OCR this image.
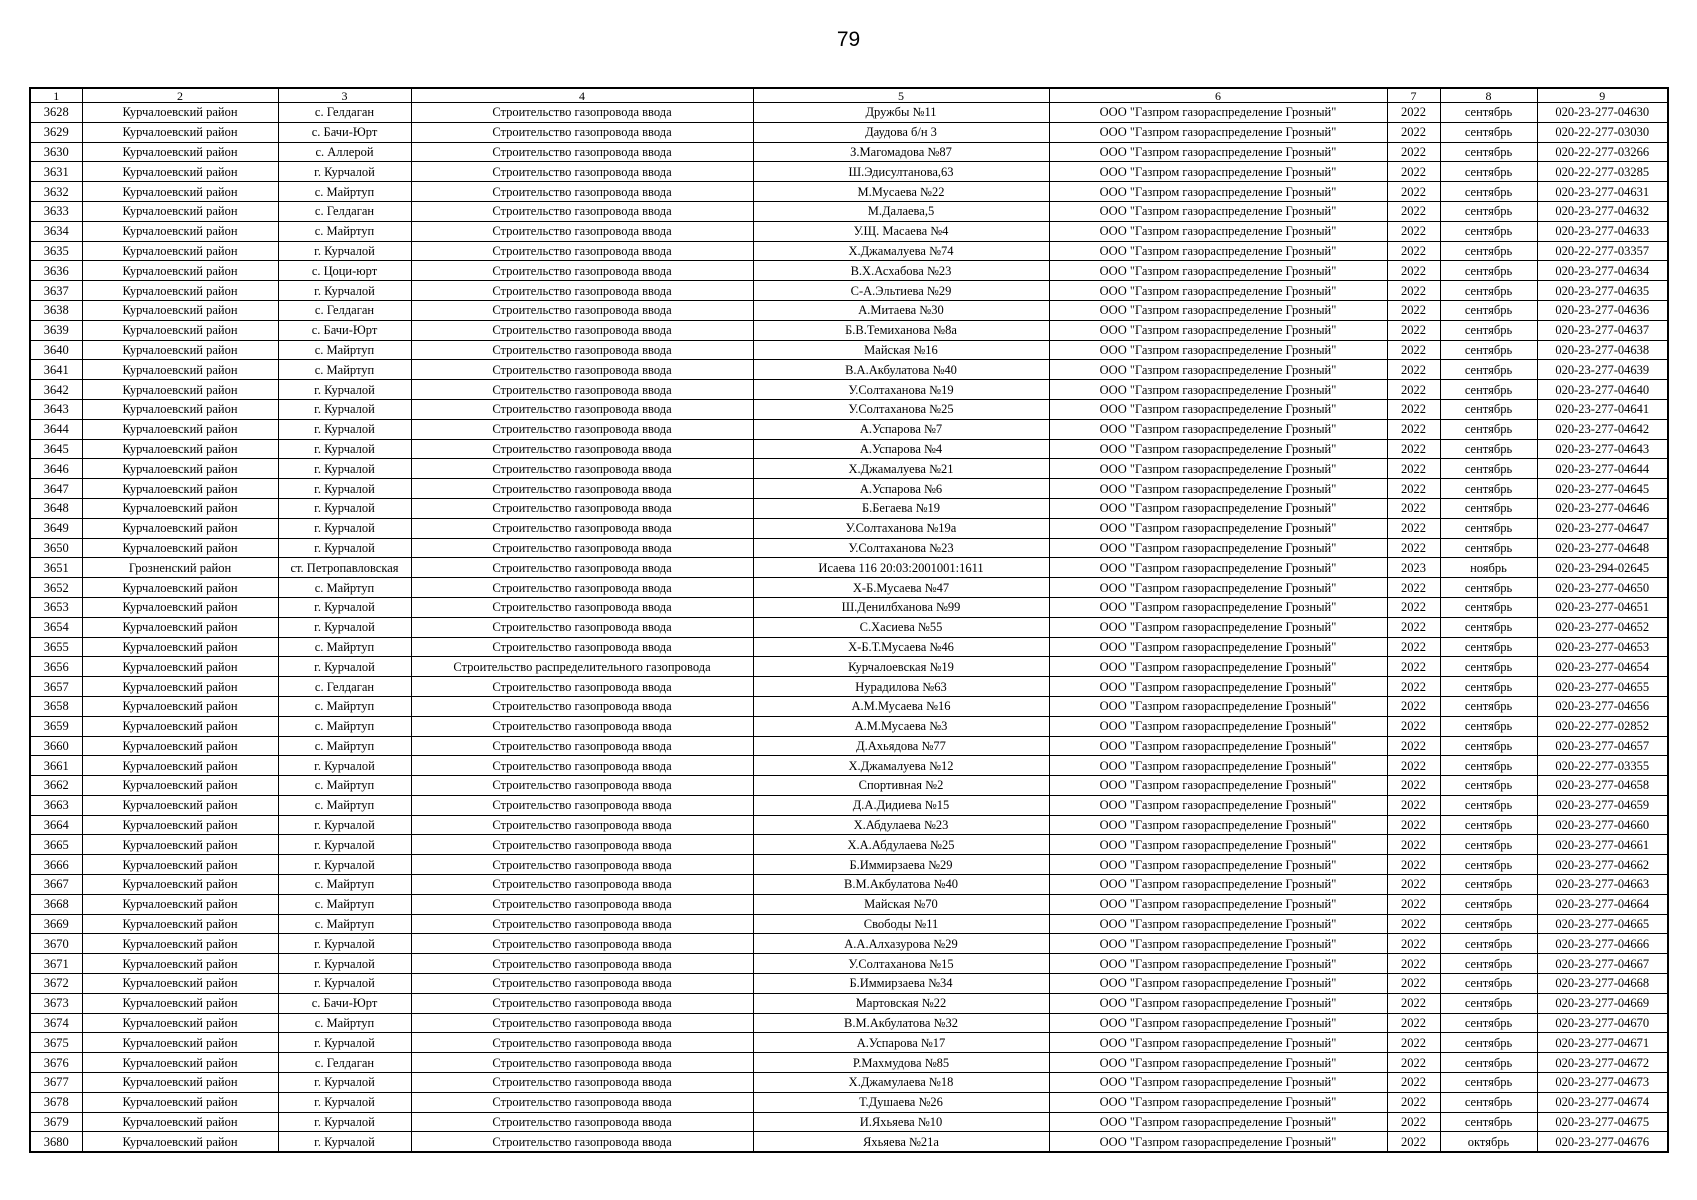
79
1	2	3	4	5	6	7	8	9
3628	Курчалоевский район	с. Гелдаган	Строительство газопровода ввода	Дружбы №11	ООО "Газпром газораспределение Грозный"	2022	сентябрь	020-23-277-04630
3629	Курчалоевский район	с. Бачи-Юрт	Строительство газопровода ввода	Даудова б/н 3	ООО "Газпром газораспределение Грозный"	2022	сентябрь	020-22-277-03030
3630	Курчалоевский район	с. Аллерой	Строительство газопровода ввода	З.Магомадова №87	ООО "Газпром газораспределение Грозный"	2022	сентябрь	020-22-277-03266
3631	Курчалоевский район	г. Курчалой	Строительство газопровода ввода	Ш.Эдисултанова,63	ООО "Газпром газораспределение Грозный"	2022	сентябрь	020-22-277-03285
3632	Курчалоевский район	с. Майртуп	Строительство газопровода ввода	М.Мусаева №22	ООО "Газпром газораспределение Грозный"	2022	сентябрь	020-23-277-04631
3633	Курчалоевский район	с. Гелдаган	Строительство газопровода ввода	М.Далаева,5	ООО "Газпром газораспределение Грозный"	2022	сентябрь	020-23-277-04632
3634	Курчалоевский район	с. Майртуп	Строительство газопровода ввода	У.Щ. Масаева №4	ООО "Газпром газораспределение Грозный"	2022	сентябрь	020-23-277-04633
3635	Курчалоевский район	г. Курчалой	Строительство газопровода ввода	Х.Джамалуева №74	ООО "Газпром газораспределение Грозный"	2022	сентябрь	020-22-277-03357
3636	Курчалоевский район	с. Цоци-юрт	Строительство газопровода ввода	В.Х.Асхабова №23	ООО "Газпром газораспределение Грозный"	2022	сентябрь	020-23-277-04634
3637	Курчалоевский район	г. Курчалой	Строительство газопровода ввода	С-А.Эльтиева №29	ООО "Газпром газораспределение Грозный"	2022	сентябрь	020-23-277-04635
3638	Курчалоевский район	с. Гелдаган	Строительство газопровода ввода	А.Митаева №30	ООО "Газпром газораспределение Грозный"	2022	сентябрь	020-23-277-04636
3639	Курчалоевский район	с. Бачи-Юрт	Строительство газопровода ввода	Б.В.Темиханова №8а	ООО "Газпром газораспределение Грозный"	2022	сентябрь	020-23-277-04637
3640	Курчалоевский район	с. Майртуп	Строительство газопровода ввода	Майская №16	ООО "Газпром газораспределение Грозный"	2022	сентябрь	020-23-277-04638
3641	Курчалоевский район	с. Майртуп	Строительство газопровода ввода	В.А.Акбулатова №40	ООО "Газпром газораспределение Грозный"	2022	сентябрь	020-23-277-04639
3642	Курчалоевский район	г. Курчалой	Строительство газопровода ввода	У.Солтаханова №19	ООО "Газпром газораспределение Грозный"	2022	сентябрь	020-23-277-04640
3643	Курчалоевский район	г. Курчалой	Строительство газопровода ввода	У.Солтаханова №25	ООО "Газпром газораспределение Грозный"	2022	сентябрь	020-23-277-04641
3644	Курчалоевский район	г. Курчалой	Строительство газопровода ввода	А.Успарова №7	ООО "Газпром газораспределение Грозный"	2022	сентябрь	020-23-277-04642
3645	Курчалоевский район	г. Курчалой	Строительство газопровода ввода	А.Успарова №4	ООО "Газпром газораспределение Грозный"	2022	сентябрь	020-23-277-04643
3646	Курчалоевский район	г. Курчалой	Строительство газопровода ввода	Х.Джамалуева №21	ООО "Газпром газораспределение Грозный"	2022	сентябрь	020-23-277-04644
3647	Курчалоевский район	г. Курчалой	Строительство газопровода ввода	А.Успарова №6	ООО "Газпром газораспределение Грозный"	2022	сентябрь	020-23-277-04645
3648	Курчалоевский район	г. Курчалой	Строительство газопровода ввода	Б.Бегаева №19	ООО "Газпром газораспределение Грозный"	2022	сентябрь	020-23-277-04646
3649	Курчалоевский район	г. Курчалой	Строительство газопровода ввода	У.Солтаханова №19а	ООО "Газпром газораспределение Грозный"	2022	сентябрь	020-23-277-04647
3650	Курчалоевский район	г. Курчалой	Строительство газопровода ввода	У.Солтаханова №23	ООО "Газпром газораспределение Грозный"	2022	сентябрь	020-23-277-04648
3651	Грозненский район	ст. Петропавловская	Строительство газопровода ввода	Исаева 116 20:03:2001001:1611	ООО "Газпром газораспределение Грозный"	2023	ноябрь	020-23-294-02645
3652	Курчалоевский район	с. Майртуп	Строительство газопровода ввода	Х-Б.Мусаева №47	ООО "Газпром газораспределение Грозный"	2022	сентябрь	020-23-277-04650
3653	Курчалоевский район	г. Курчалой	Строительство газопровода ввода	Ш.Денилбханова №99	ООО "Газпром газораспределение Грозный"	2022	сентябрь	020-23-277-04651
3654	Курчалоевский район	г. Курчалой	Строительство газопровода ввода	С.Хасиева №55	ООО "Газпром газораспределение Грозный"	2022	сентябрь	020-23-277-04652
3655	Курчалоевский район	с. Майртуп	Строительство газопровода ввода	Х-Б.Т.Мусаева №46	ООО "Газпром газораспределение Грозный"	2022	сентябрь	020-23-277-04653
3656	Курчалоевский район	г. Курчалой	Строительство распределительного газопровода	Курчалоевская №19	ООО "Газпром газораспределение Грозный"	2022	сентябрь	020-23-277-04654
3657	Курчалоевский район	с. Гелдаган	Строительство газопровода ввода	Нурадилова №63	ООО "Газпром газораспределение Грозный"	2022	сентябрь	020-23-277-04655
3658	Курчалоевский район	с. Майртуп	Строительство газопровода ввода	А.М.Мусаева №16	ООО "Газпром газораспределение Грозный"	2022	сентябрь	020-23-277-04656
3659	Курчалоевский район	с. Майртуп	Строительство газопровода ввода	А.М.Мусаева №3	ООО "Газпром газораспределение Грозный"	2022	сентябрь	020-22-277-02852
3660	Курчалоевский район	с. Майртуп	Строительство газопровода ввода	Д.Ахьядова №77	ООО "Газпром газораспределение Грозный"	2022	сентябрь	020-23-277-04657
3661	Курчалоевский район	г. Курчалой	Строительство газопровода ввода	Х.Джамалуева №12	ООО "Газпром газораспределение Грозный"	2022	сентябрь	020-22-277-03355
3662	Курчалоевский район	с. Майртуп	Строительство газопровода ввода	Спортивная №2	ООО "Газпром газораспределение Грозный"	2022	сентябрь	020-23-277-04658
3663	Курчалоевский район	с. Майртуп	Строительство газопровода ввода	Д.А.Дидиева №15	ООО "Газпром газораспределение Грозный"	2022	сентябрь	020-23-277-04659
3664	Курчалоевский район	г. Курчалой	Строительство газопровода ввода	Х.Абдулаева №23	ООО "Газпром газораспределение Грозный"	2022	сентябрь	020-23-277-04660
3665	Курчалоевский район	г. Курчалой	Строительство газопровода ввода	Х.А.Абдулаева №25	ООО "Газпром газораспределение Грозный"	2022	сентябрь	020-23-277-04661
3666	Курчалоевский район	г. Курчалой	Строительство газопровода ввода	Б.Иммирзаева №29	ООО "Газпром газораспределение Грозный"	2022	сентябрь	020-23-277-04662
3667	Курчалоевский район	с. Майртуп	Строительство газопровода ввода	В.М.Акбулатова №40	ООО "Газпром газораспределение Грозный"	2022	сентябрь	020-23-277-04663
3668	Курчалоевский район	с. Майртуп	Строительство газопровода ввода	Майская №70	ООО "Газпром газораспределение Грозный"	2022	сентябрь	020-23-277-04664
3669	Курчалоевский район	с. Майртуп	Строительство газопровода ввода	Свободы №11	ООО "Газпром газораспределение Грозный"	2022	сентябрь	020-23-277-04665
3670	Курчалоевский район	г. Курчалой	Строительство газопровода ввода	А.А.Алхазурова №29	ООО "Газпром газораспределение Грозный"	2022	сентябрь	020-23-277-04666
3671	Курчалоевский район	г. Курчалой	Строительство газопровода ввода	У.Солтаханова №15	ООО "Газпром газораспределение Грозный"	2022	сентябрь	020-23-277-04667
3672	Курчалоевский район	г. Курчалой	Строительство газопровода ввода	Б.Иммирзаева №34	ООО "Газпром газораспределение Грозный"	2022	сентябрь	020-23-277-04668
3673	Курчалоевский район	с. Бачи-Юрт	Строительство газопровода ввода	Мартовская №22	ООО "Газпром газораспределение Грозный"	2022	сентябрь	020-23-277-04669
3674	Курчалоевский район	с. Майртуп	Строительство газопровода ввода	В.М.Акбулатова №32	ООО "Газпром газораспределение Грозный"	2022	сентябрь	020-23-277-04670
3675	Курчалоевский район	г. Курчалой	Строительство газопровода ввода	А.Успарова №17	ООО "Газпром газораспределение Грозный"	2022	сентябрь	020-23-277-04671
3676	Курчалоевский район	с. Гелдаган	Строительство газопровода ввода	Р.Махмудова №85	ООО "Газпром газораспределение Грозный"	2022	сентябрь	020-23-277-04672
3677	Курчалоевский район	г. Курчалой	Строительство газопровода ввода	Х.Джамулаева №18	ООО "Газпром газораспределение Грозный"	2022	сентябрь	020-23-277-04673
3678	Курчалоевский район	г. Курчалой	Строительство газопровода ввода	Т.Душаева №26	ООО "Газпром газораспределение Грозный"	2022	сентябрь	020-23-277-04674
3679	Курчалоевский район	г. Курчалой	Строительство газопровода ввода	И.Яхьяева №10	ООО "Газпром газораспределение Грозный"	2022	сентябрь	020-23-277-04675
3680	Курчалоевский район	г. Курчалой	Строительство газопровода ввода	Яхьяева №21а	ООО "Газпром газораспределение Грозный"	2022	октябрь	020-23-277-04676
